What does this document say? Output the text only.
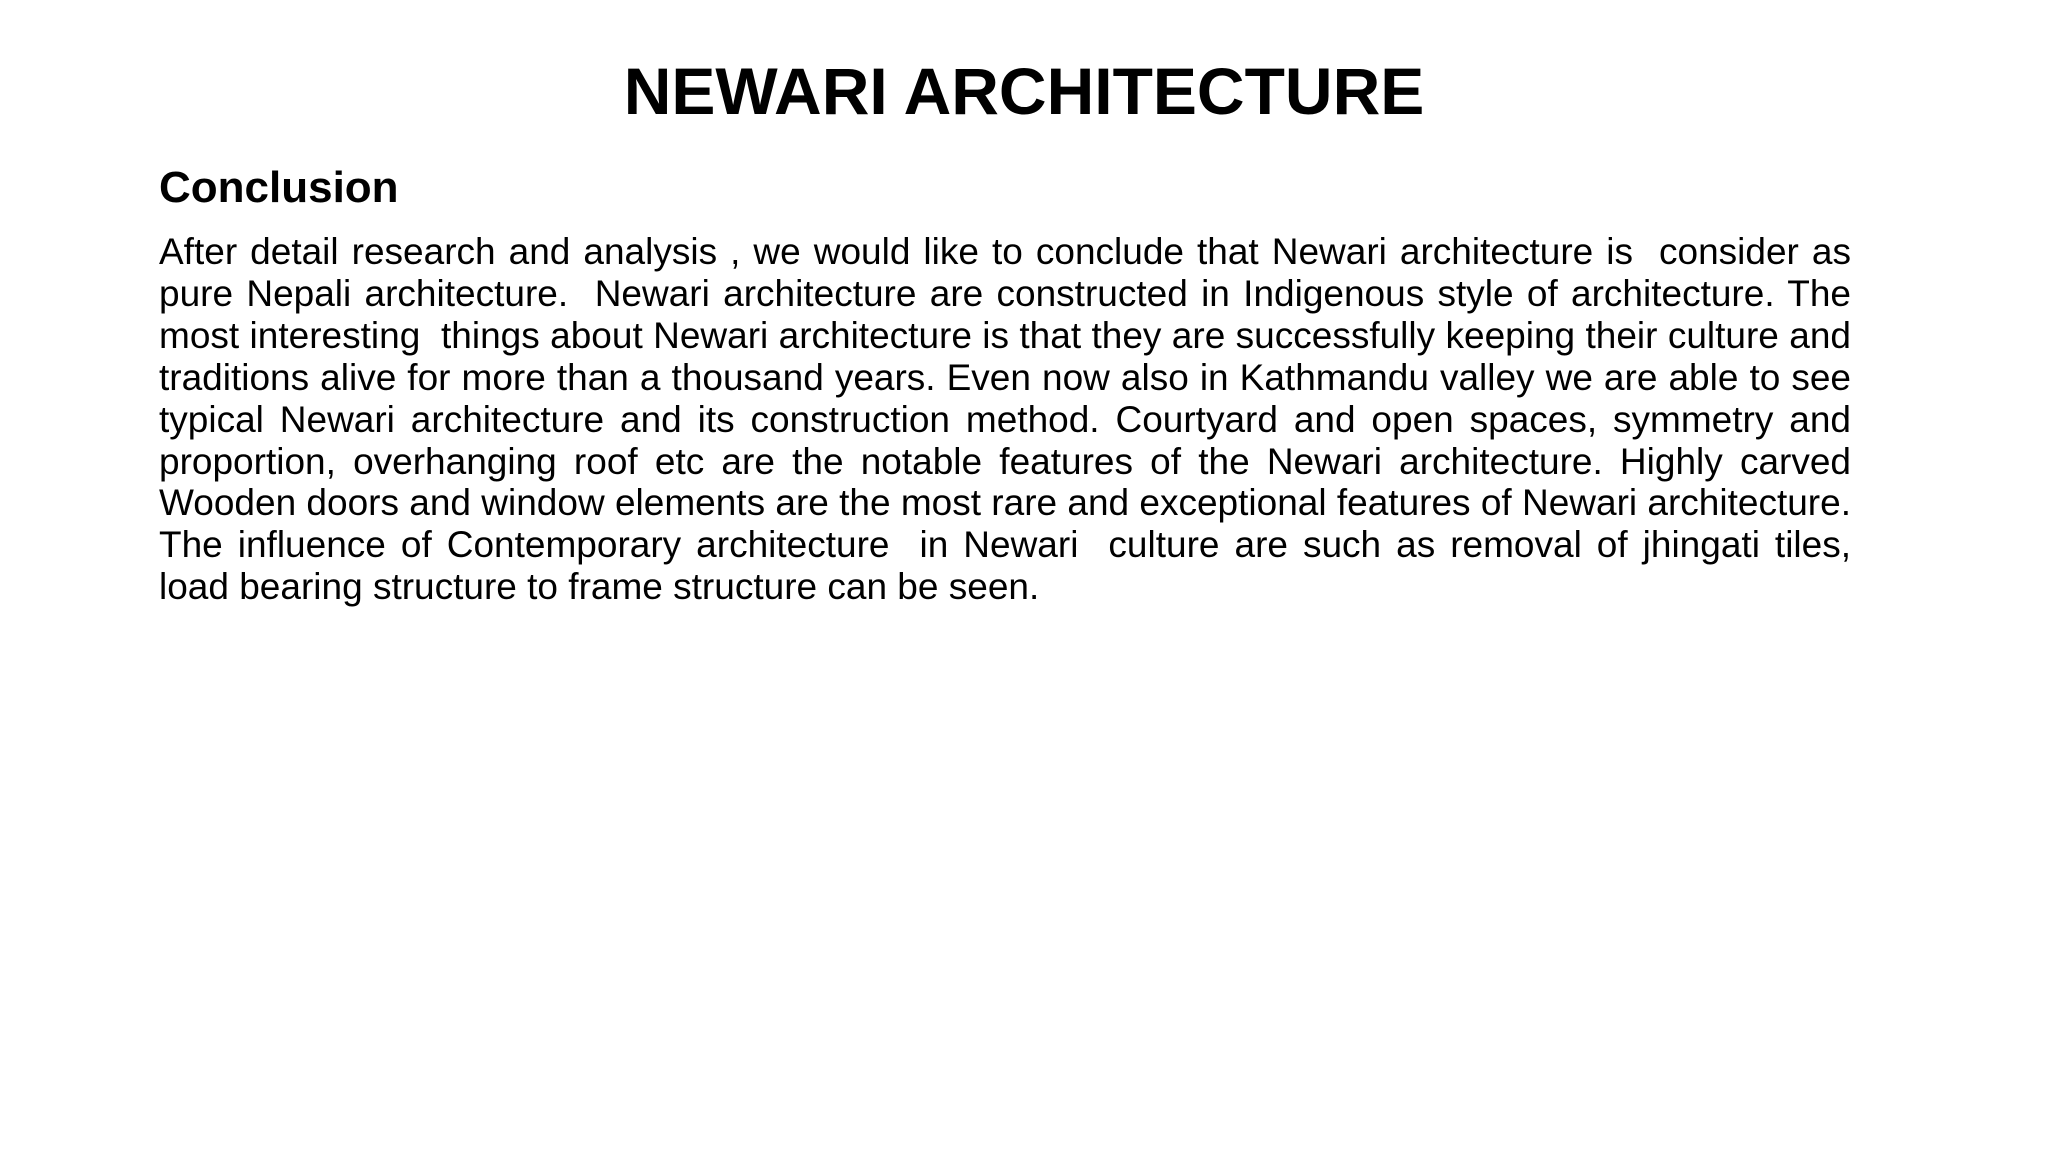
NEWARI ARCHITECTURE
Conclusion

After detail research and analysis , we would like to conclude that Newari architecture is  consider as pure Nepali architecture.  Newari architecture are constructed in Indigenous style of architecture. The most interesting  things about Newari architecture is that they are successfully keeping their culture and traditions alive for more than a thousand years. Even now also in Kathmandu valley we are able to see typical Newari architecture and its construction method. Courtyard and open spaces, symmetry and proportion, overhanging roof etc are the notable features of the Newari architecture. Highly carved Wooden doors and window elements are the most rare and exceptional features of Newari architecture. The influence of Contemporary architecture  in Newari  culture are such as removal of jhingati tiles, load bearing structure to frame structure can be seen.
